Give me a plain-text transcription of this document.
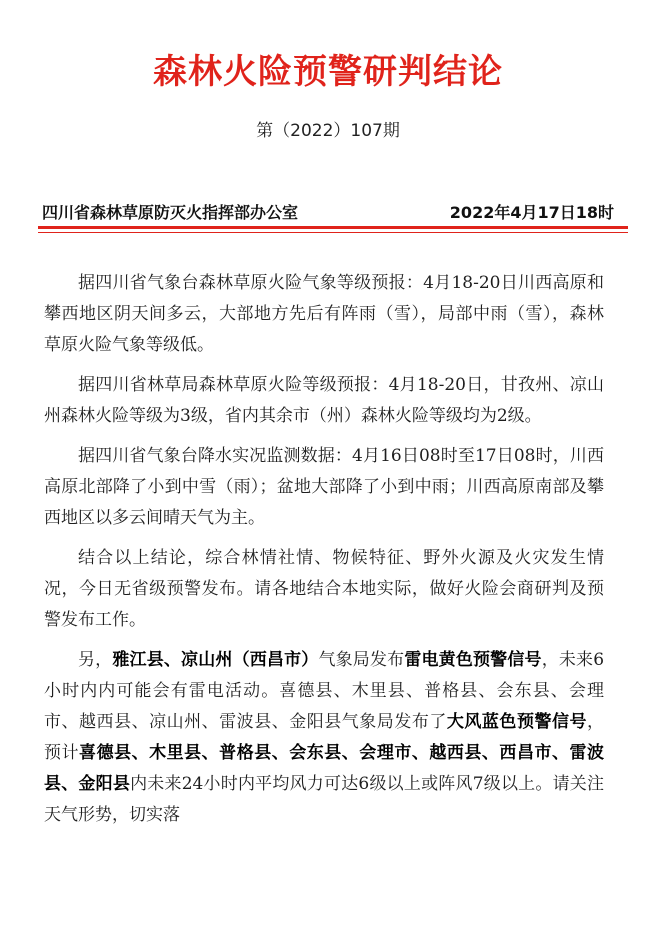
森林火险预警研判结论
第（2022）107期
四川省森林草原防灭火指挥部办公室	2022年4月17日18时

据四川省气象台森林草原火险气象等级预报：4月18-20日川西高原和攀西地区阴天间多云，大部地方先后有阵雨（雪），局部中雨（雪），森林草原火险气象等级低。

据四川省林草局森林草原火险等级预报：4月18-20日，甘孜州、凉山州森林火险等级为3级，省内其余市（州）森林火险等级均为2级。

据四川省气象台降水实况监测数据：4月16日08时至17日08时，川西高原北部降了小到中雪（雨）；盆地大部降了小到中雨；川西高原南部及攀西地区以多云间晴天气为主。

结合以上结论，综合林情社情、物候特征、野外火源及火灾发生情况，今日无省级预警发布。请各地结合本地实际，做好火险会商研判及预警发布工作。

另，雅江县、凉山州（西昌市）气象局发布雷电黄色预警信号，未来6小时内内可能会有雷电活动。喜德县、木里县、普格县、会东县、会理市、越西县、凉山州、雷波县、金阳县气象局发布了大风蓝色预警信号，预计喜德县、木里县、普格县、会东县、会理市、越西县、西昌市、雷波县、金阳县内未来24小时内平均风力可达6级以上或阵风7级以上。请关注天气形势，切实落
